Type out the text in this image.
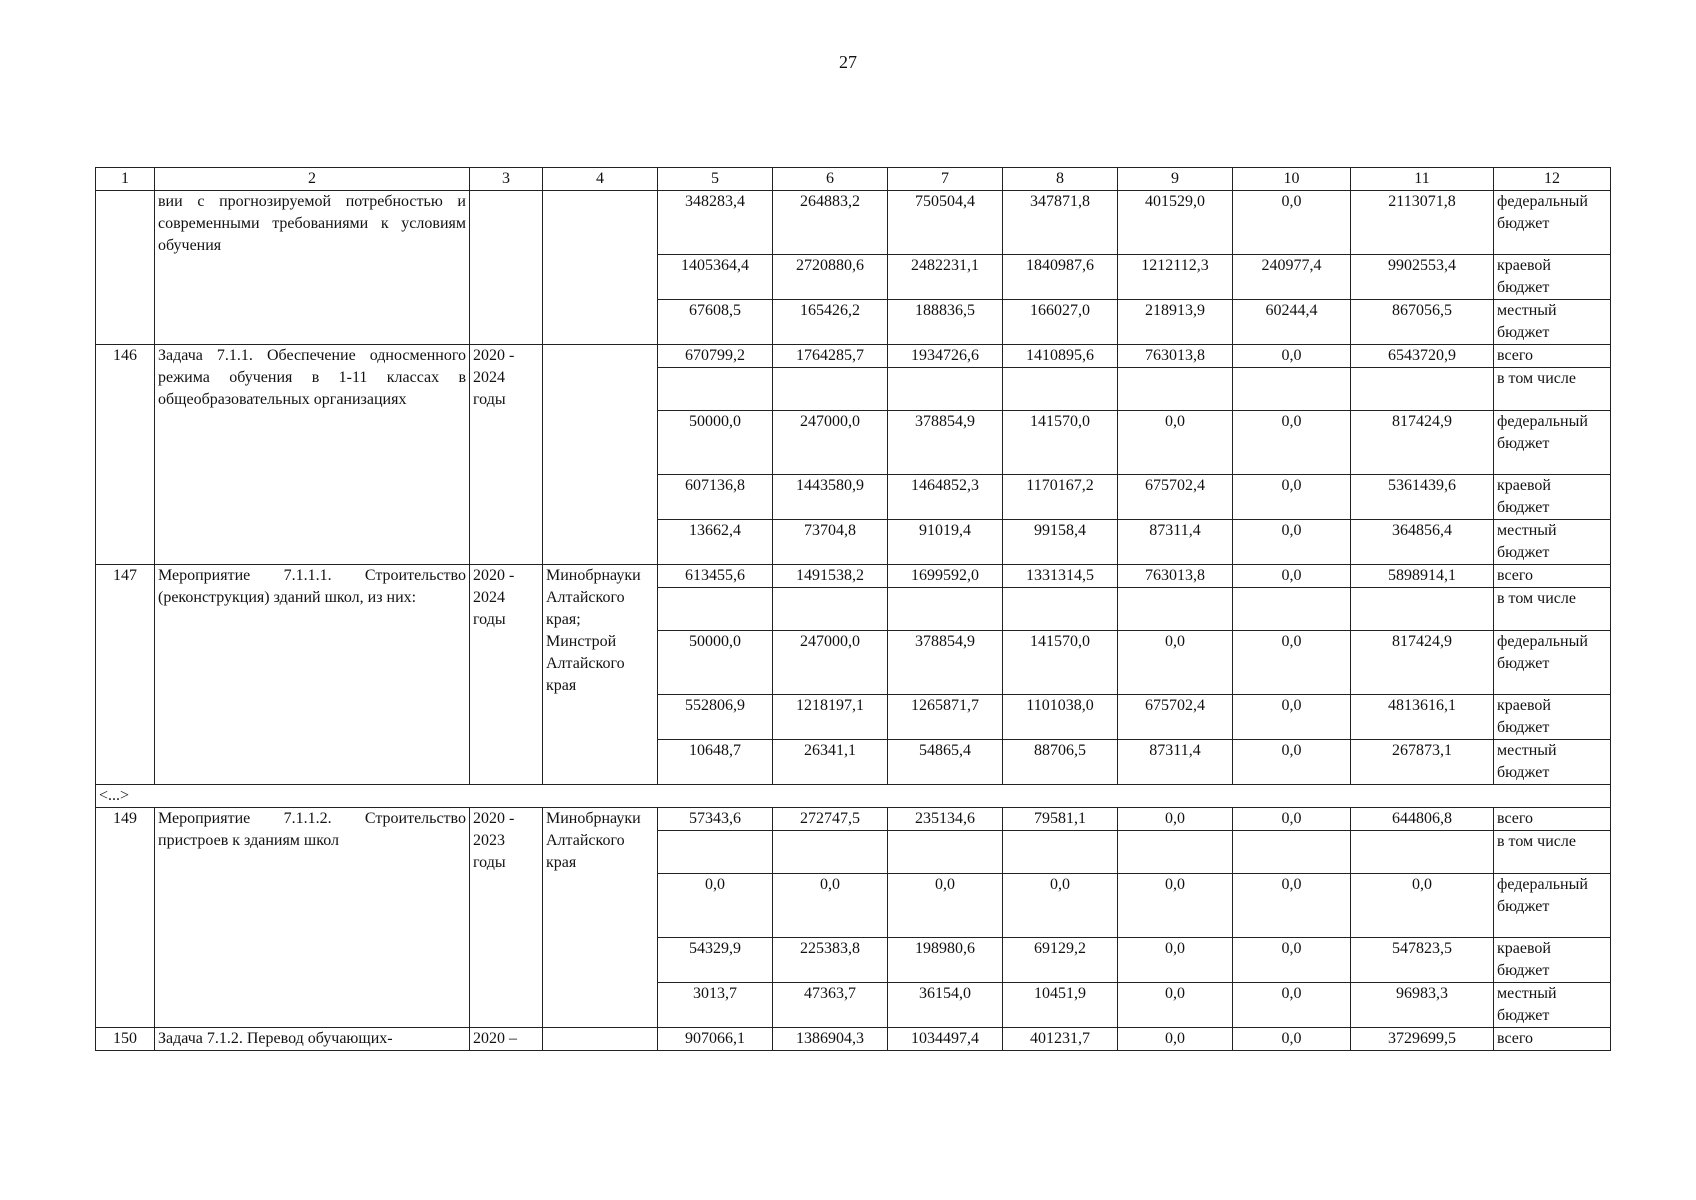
27
1	2	3	4	5	6	7	8	9	10	11	12
	вии с прогнозируемой потребностью и современными требованиями к условиям обучения			348283,4	264883,2	750504,4	347871,8	401529,0	0,0	2113071,8	федеральный бюджет
				1405364,4	2720880,6	2482231,1	1840987,6	1212112,3	240977,4	9902553,4	краевой бюджет
				67608,5	165426,2	188836,5	166027,0	218913,9	60244,4	867056,5	местный бюджет
146	Задача 7.1.1. Обеспечение односменного режима обучения в 1-11 классах в общеобразовательных организациях	2020 - 2024 годы		670799,2	1764285,7	1934726,6	1410895,6	763013,8	0,0	6543720,9	всего
											в том числе
				50000,0	247000,0	378854,9	141570,0	0,0	0,0	817424,9	федеральный бюджет
				607136,8	1443580,9	1464852,3	1170167,2	675702,4	0,0	5361439,6	краевой бюджет
				13662,4	73704,8	91019,4	99158,4	87311,4	0,0	364856,4	местный бюджет
147	Мероприятие 7.1.1.1. Строительство (реконструкция) зданий школ, из них:	2020 - 2024 годы	Минобрнауки Алтайского края; Минстрой Алтайского края	613455,6	1491538,2	1699592,0	1331314,5	763013,8	0,0	5898914,1	всего
											в том числе
				50000,0	247000,0	378854,9	141570,0	0,0	0,0	817424,9	федеральный бюджет
				552806,9	1218197,1	1265871,7	1101038,0	675702,4	0,0	4813616,1	краевой бюджет
				10648,7	26341,1	54865,4	88706,5	87311,4	0,0	267873,1	местный бюджет
<...>											
149	Мероприятие 7.1.1.2. Строительство пристроев к зданиям школ	2020 - 2023 годы	Минобрнауки Алтайского края	57343,6	272747,5	235134,6	79581,1	0,0	0,0	644806,8	всего
											в том числе
				0,0	0,0	0,0	0,0	0,0	0,0	0,0	федеральный бюджет
				54329,9	225383,8	198980,6	69129,2	0,0	0,0	547823,5	краевой бюджет
				3013,7	47363,7	36154,0	10451,9	0,0	0,0	96983,3	местный бюджет
150	Задача 7.1.2. Перевод обучающих-	2020 –		907066,1	1386904,3	1034497,4	401231,7	0,0	0,0	3729699,5	всего
